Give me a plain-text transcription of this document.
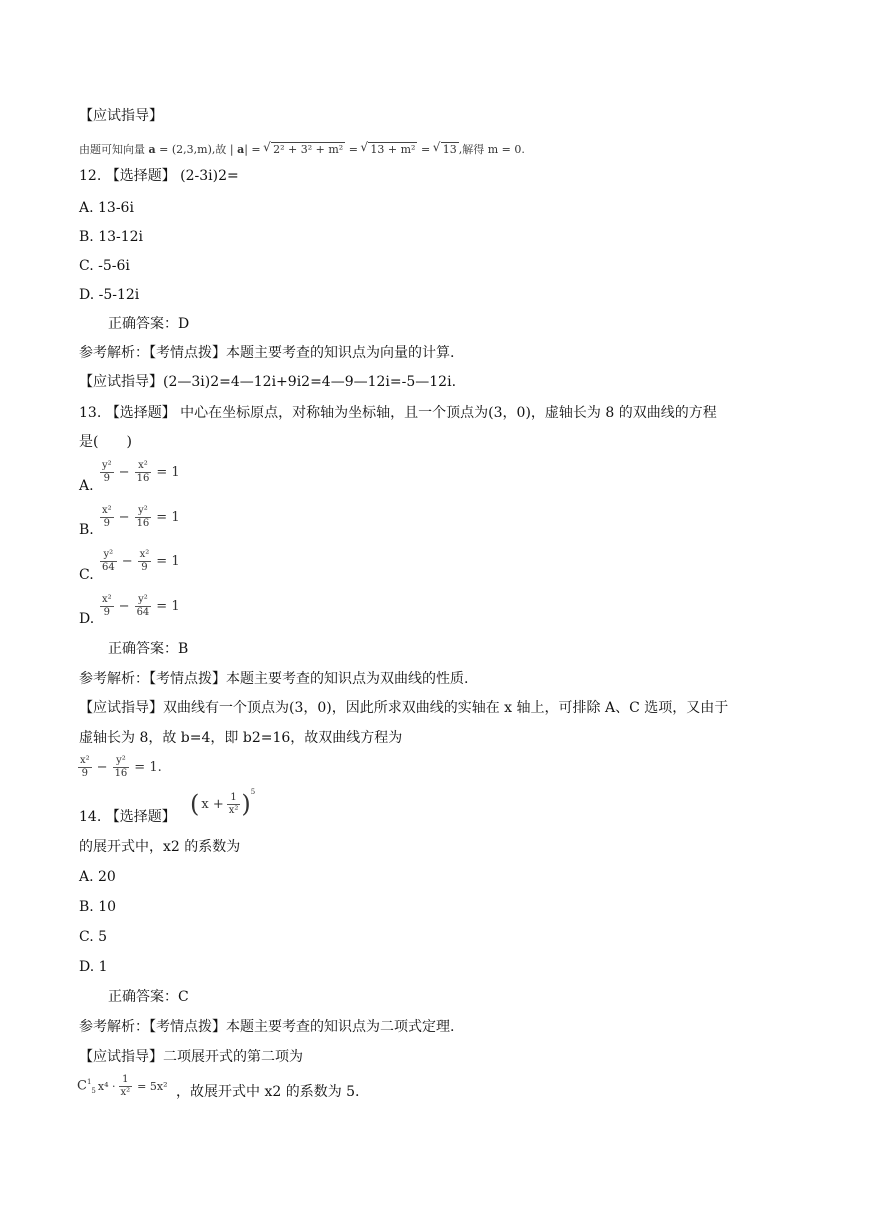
【应试指导】
由题可知向量 a = (2,3,m),故 | a| = √ 2² + 3² + m² = √ 13 + m² = √ 13 ,解得 m = 0.
12. 【选择题】 (2-3i)2=
A. 13-6i
B. 13-12i
C. -5-6i
D. -5-12i
正确答案：D
参考解析：【考情点拨】本题主要考查的知识点为向量的计算.
【应试指导】(2—3i)2=4—12i+9i2=4—9—12i=-5—12i.
13. 【选择题】 中心在坐标原点，对称轴为坐标轴，且一个顶点为(3，0)，虚轴长为 8 的双曲线的方程
是(　　)
A.
$\frac{\text{y²}}{9} - \frac{\text{x²}}{16} = 1$
B. $\frac{\text{x²}}{9} - \frac{\text{y²}}{16} = 1$
C.
$\frac{\text{y²}}{64} - \frac{\text{x²}}{9} = 1$
D. $\frac{\text{x²}}{9} - \frac{\text{y²}}{64} = 1$
正确答案：B
参考解析：【考情点拨】本题主要考查的知识点为双曲线的性质.
【应试指导】双曲线有一个顶点为(3，0)，因此所求双曲线的实轴在 x 轴上，可排除 A、C 选项，又由于
虚轴长为 8，故 b=4，即 b2=16，故双曲线方程为
$\frac{\text{x²}}{9} - \frac{\text{y²}}{16} = 1$.
14. 【选择题】 ( $x + \frac{1}{\text{x²}} )^5$
的展开式中，x2 的系数为
A. 20
B. 10
C. 5
D. 1
正确答案：C
参考解析：【考情点拨】本题主要考查的知识点为二项式定理.
【应试指导】二项展开式的第二项为
$C^1_5$ $x^4 \cdot \frac{1}{\text{x²}} = 5x^2$ ，故展开式中 x2 的系数为 5.
